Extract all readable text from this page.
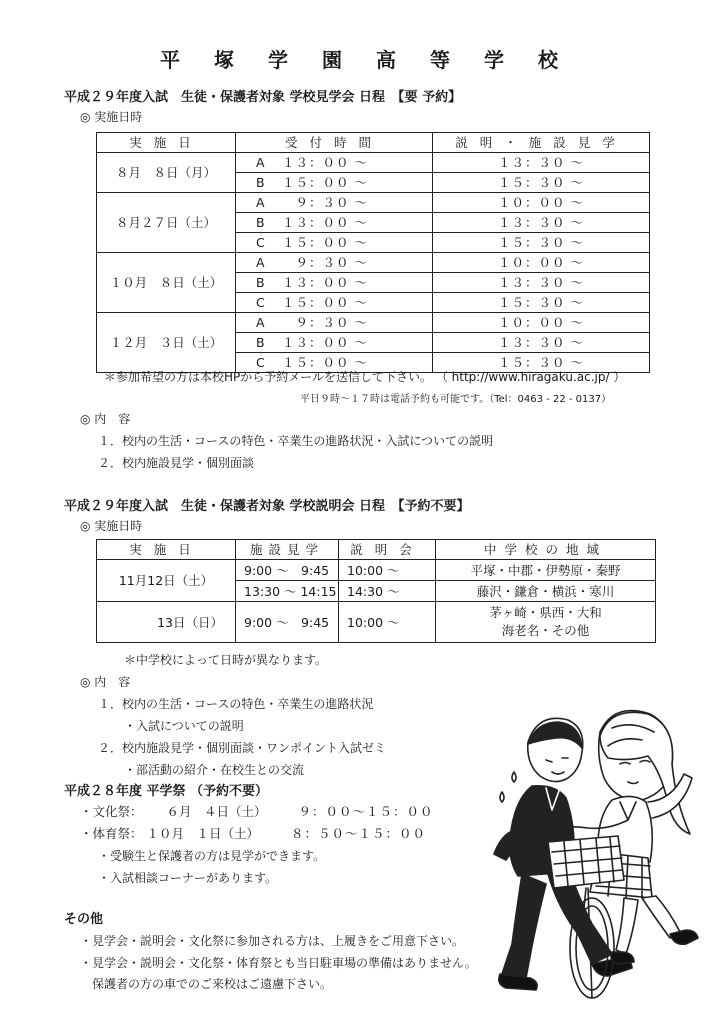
平塚学園高等学校
平成２９年度入試　生徒・保護者対象 学校見学会 日程　【要 予約】
◎ 実施日時
実施日	受付時間		説明・施設見学
８月　８日（月）	A	１３：００ ～	１３：３０ ～
	B	１５：００ ～	１５：３０ ～
８月２７日（土）	A	　９：３０ ～	１０：００ ～
	B	１３：００ ～	１３：３０ ～
	C	１５：００ ～	１５：３０ ～
１０月　８日（土）	A	　９：３０ ～	１０：００ ～
	B	１３：００ ～	１３：３０ ～
	C	１５：００ ～	１５：３０ ～
１２月　３日（土）	A	　９：３０ ～	１０：００ ～
	B	１３：００ ～	１３：３０ ～
	C	１５：００ ～	１５：３０ ～
＊参加希望の方は本校HPから予約メールを送信して下さい。 （ http://www.hiragaku.ac.jp/ ）
平日９時～１７時は電話予約も可能です。（Tel：0463 - 22 - 0137）
◎ 内　容
１．校内の生活・コースの特色・卒業生の進路状況・入試についての説明
２．校内施設見学・個別面談
平成２９年度入試　生徒・保護者対象 学校説明会 日程　【予約不要】
◎ 実施日時
実施日	施設見学	説明会	中学校の地域
11月12日（土）	9:00 ～　9:45	10:00 ～	平塚・中郡・伊勢原・秦野
	13:30 ～ 14:15	14:30 ～	藤沢・鎌倉・横浜・寒川
13日（日）	9:00 ～　9:45	10:00 ～	茅ヶ崎・県西・大和
海老名・その他
＊中学校によって日時が異なります。
◎ 内　容
１．校内の生活・コースの特色・卒業生の進路状況
・入試についての説明
２．校内施設見学・個別面談・ワンポイント入試ゼミ
・部活動の紹介・在校生との交流
平成２８年度 平学祭 （予約不要）
・文化祭： ６月　４日（土）	９：００～１５：００
・体育祭： １０月　１日（土）	８：５０～１５：００
・受験生と保護者の方は見学ができます。
・入試相談コーナーがあります。
その他
・見学会・説明会・文化祭に参加される方は、上履きをご用意下さい。
・見学会・説明会・文化祭・体育祭とも当日駐車場の準備はありません。
保護者の方の車でのご来校はご遠慮下さい。
